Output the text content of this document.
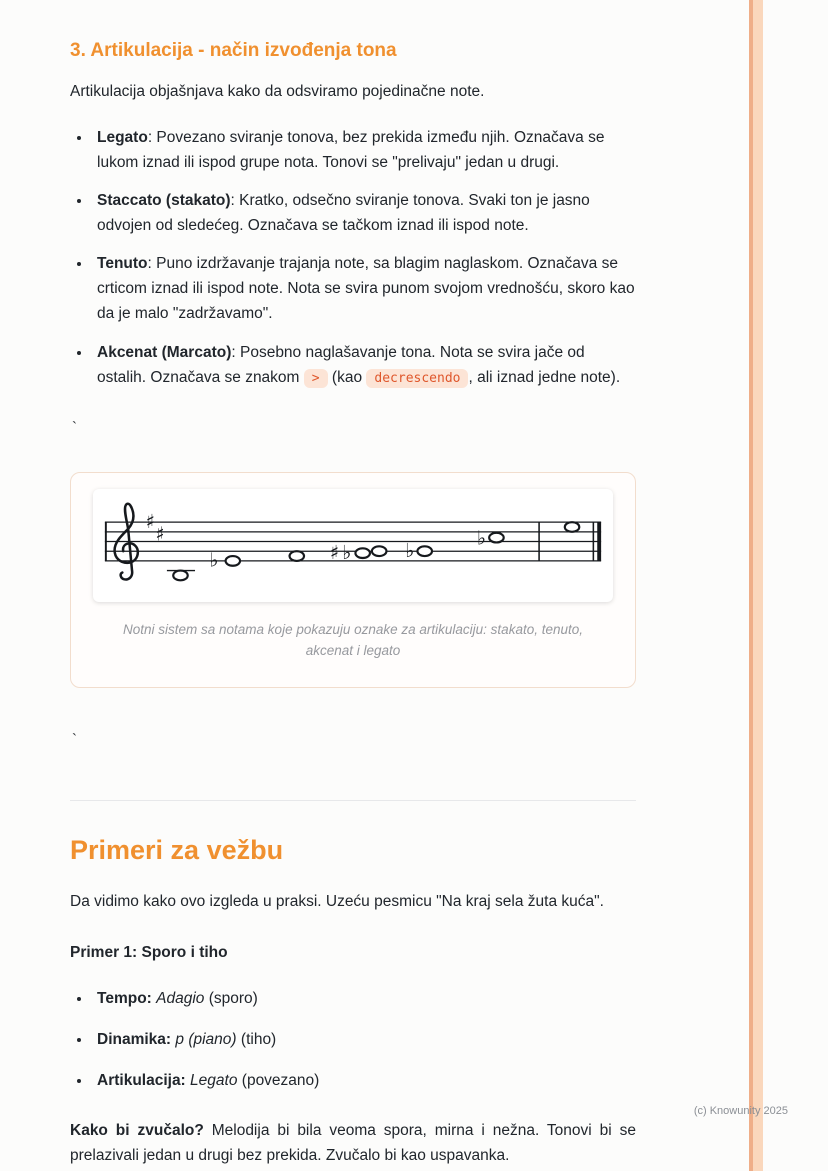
3. Artikulacija - način izvođenja tona

Artikulacija objašnjava kako da odsviramo pojedinačne note.

• Legato: Povezano sviranje tonova, bez prekida između njih. Označava se lukom iznad ili ispod grupe nota. Tonovi se "prelivaju" jedan u drugi.
• Staccato (stakato): Kratko, odsečno sviranje tonova. Svaki ton je jasno odvojen od sledećeg. Označava se tačkom iznad ili ispod note.
• Tenuto: Puno izdržavanje trajanja note, sa blagim naglaskom. Označava se crticom iznad ili ispod note. Nota se svira punom svojom vrednošću, skoro kao da je malo "zadržavamo".
• Akcenat (Marcato): Posebno naglašavanje tona. Nota se svira jače od ostalih. Označava se znakom > (kao decrescendo , ali iznad jedne note).

`

♯
♯
♭	♯ ♭	♭
♭
Notni sistem sa notama koje pokazuju oznake za artikulaciju: stakato, tenuto, akcenat i legato

`

Primeri za vežbu

Da vidimo kako ovo izgleda u praksi. Uzeću pesmicu "Na kraj sela žuta kuća".

Primer 1: Sporo i tiho

• Tempo: Adagio (sporo)
• Dinamika: p (piano) (tiho)
• Artikulacija: Legato (povezano)

Kako bi zvučalo? Melodija bi bila veoma spora, mirna i nežna. Tonovi bi se prelazivali jedan u drugi bez prekida. Zvučalo bi kao uspavanka.

(c) Knowunity 2025
